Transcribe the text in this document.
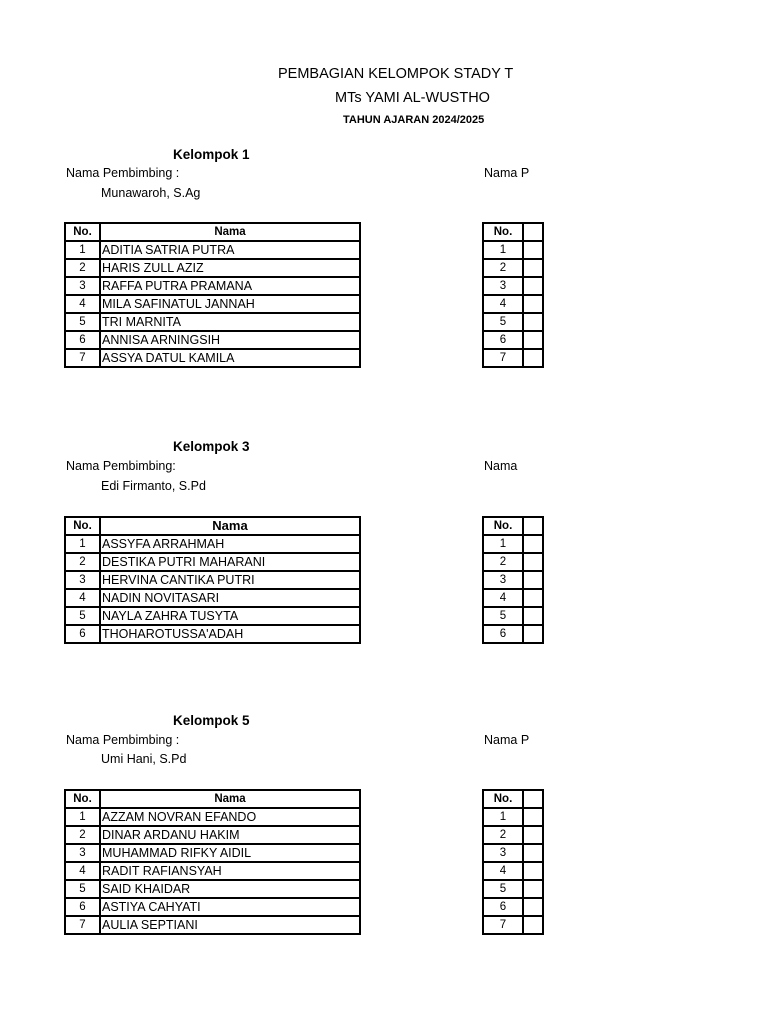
PEMBAGIAN KELOMPOK STADY T
MTs YAMI AL-WUSTHO
TAHUN AJARAN 2024/2025
Kelompok 1
Nama Pembimbing :
Munawaroh, S.Ag
No.	Nama
1	ADITIA SATRIA PUTRA
2	HARIS ZULL AZIZ
3	RAFFA PUTRA PRAMANA
4	MILA SAFINATUL JANNAH
5	TRI MARNITA
6	ANNISA ARNINGSIH
7	ASSYA DATUL KAMILA
Nama P
No.	
1	
2	
3	
4	
5	
6	
7	
Kelompok 3
Nama Pembimbing:
Edi Firmanto, S.Pd
No.	Nama
1	ASSYFA ARRAHMAH
2	DESTIKA PUTRI MAHARANI
3	HERVINA CANTIKA PUTRI
4	NADIN NOVITASARI
5	NAYLA ZAHRA TUSYTA
6	THOHAROTUSSA'ADAH
Nama
No.	
1	
2	
3	
4	
5	
6	
Kelompok 5
Nama Pembimbing :
Umi Hani, S.Pd
No.	Nama
1	AZZAM NOVRAN EFANDO
2	DINAR ARDANU HAKIM
3	MUHAMMAD RIFKY AIDIL
4	RADIT RAFIANSYAH
5	SAID KHAIDAR
6	ASTIYA CAHYATI
7	AULIA SEPTIANI
Nama P
No.	
1	
2	
3	
4	
5	
6	
7	
